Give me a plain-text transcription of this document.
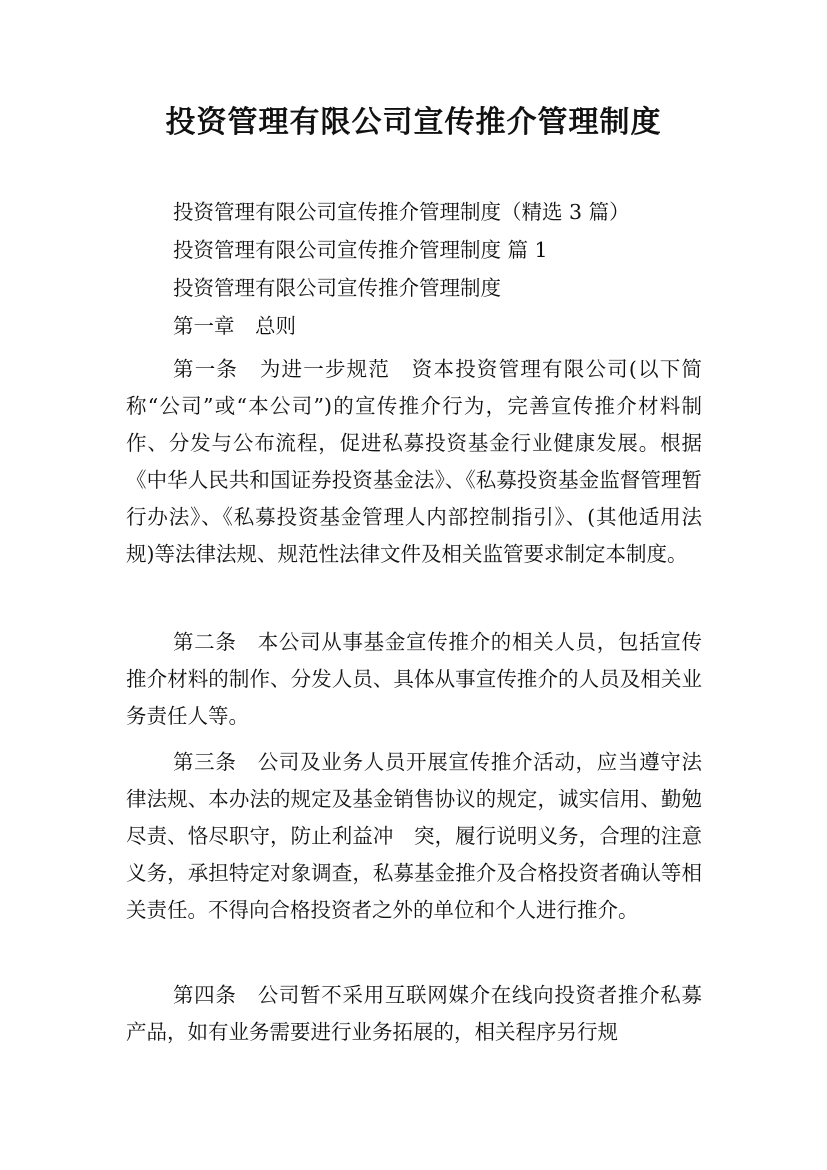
投资管理有限公司宣传推介管理制度
投资管理有限公司宣传推介管理制度（精选 3 篇）
投资管理有限公司宣传推介管理制度 篇 1
投资管理有限公司宣传推介管理制度
第一章　总则

第一条　为进一步规范　资本投资管理有限公司(以下简称“公司”或“本公司”)的宣传推介行为，完善宣传推介材料制作、分发与公布流程，促进私募投资基金行业健康发展。根据《中华人民共和国证券投资基金法》、《私募投资基金监督管理暂行办法》、《私募投资基金管理人内部控制指引》、(其他适用法规)等法律法规、规范性法律文件及相关监管要求制定本制度。

第二条　本公司从事基金宣传推介的相关人员，包括宣传推介材料的制作、分发人员、具体从事宣传推介的人员及相关业务责任人等。

第三条　公司及业务人员开展宣传推介活动，应当遵守法律法规、本办法的规定及基金销售协议的规定，诚实信用、勤勉尽责、恪尽职守，防止利益冲　突，履行说明义务，合理的注意义务，承担特定对象调查，私募基金推介及合格投资者确认等相关责任。不得向合格投资者之外的单位和个人进行推介。

第四条　公司暂不采用互联网媒介在线向投资者推介私募产品，如有业务需要进行业务拓展的，相关程序另行规
